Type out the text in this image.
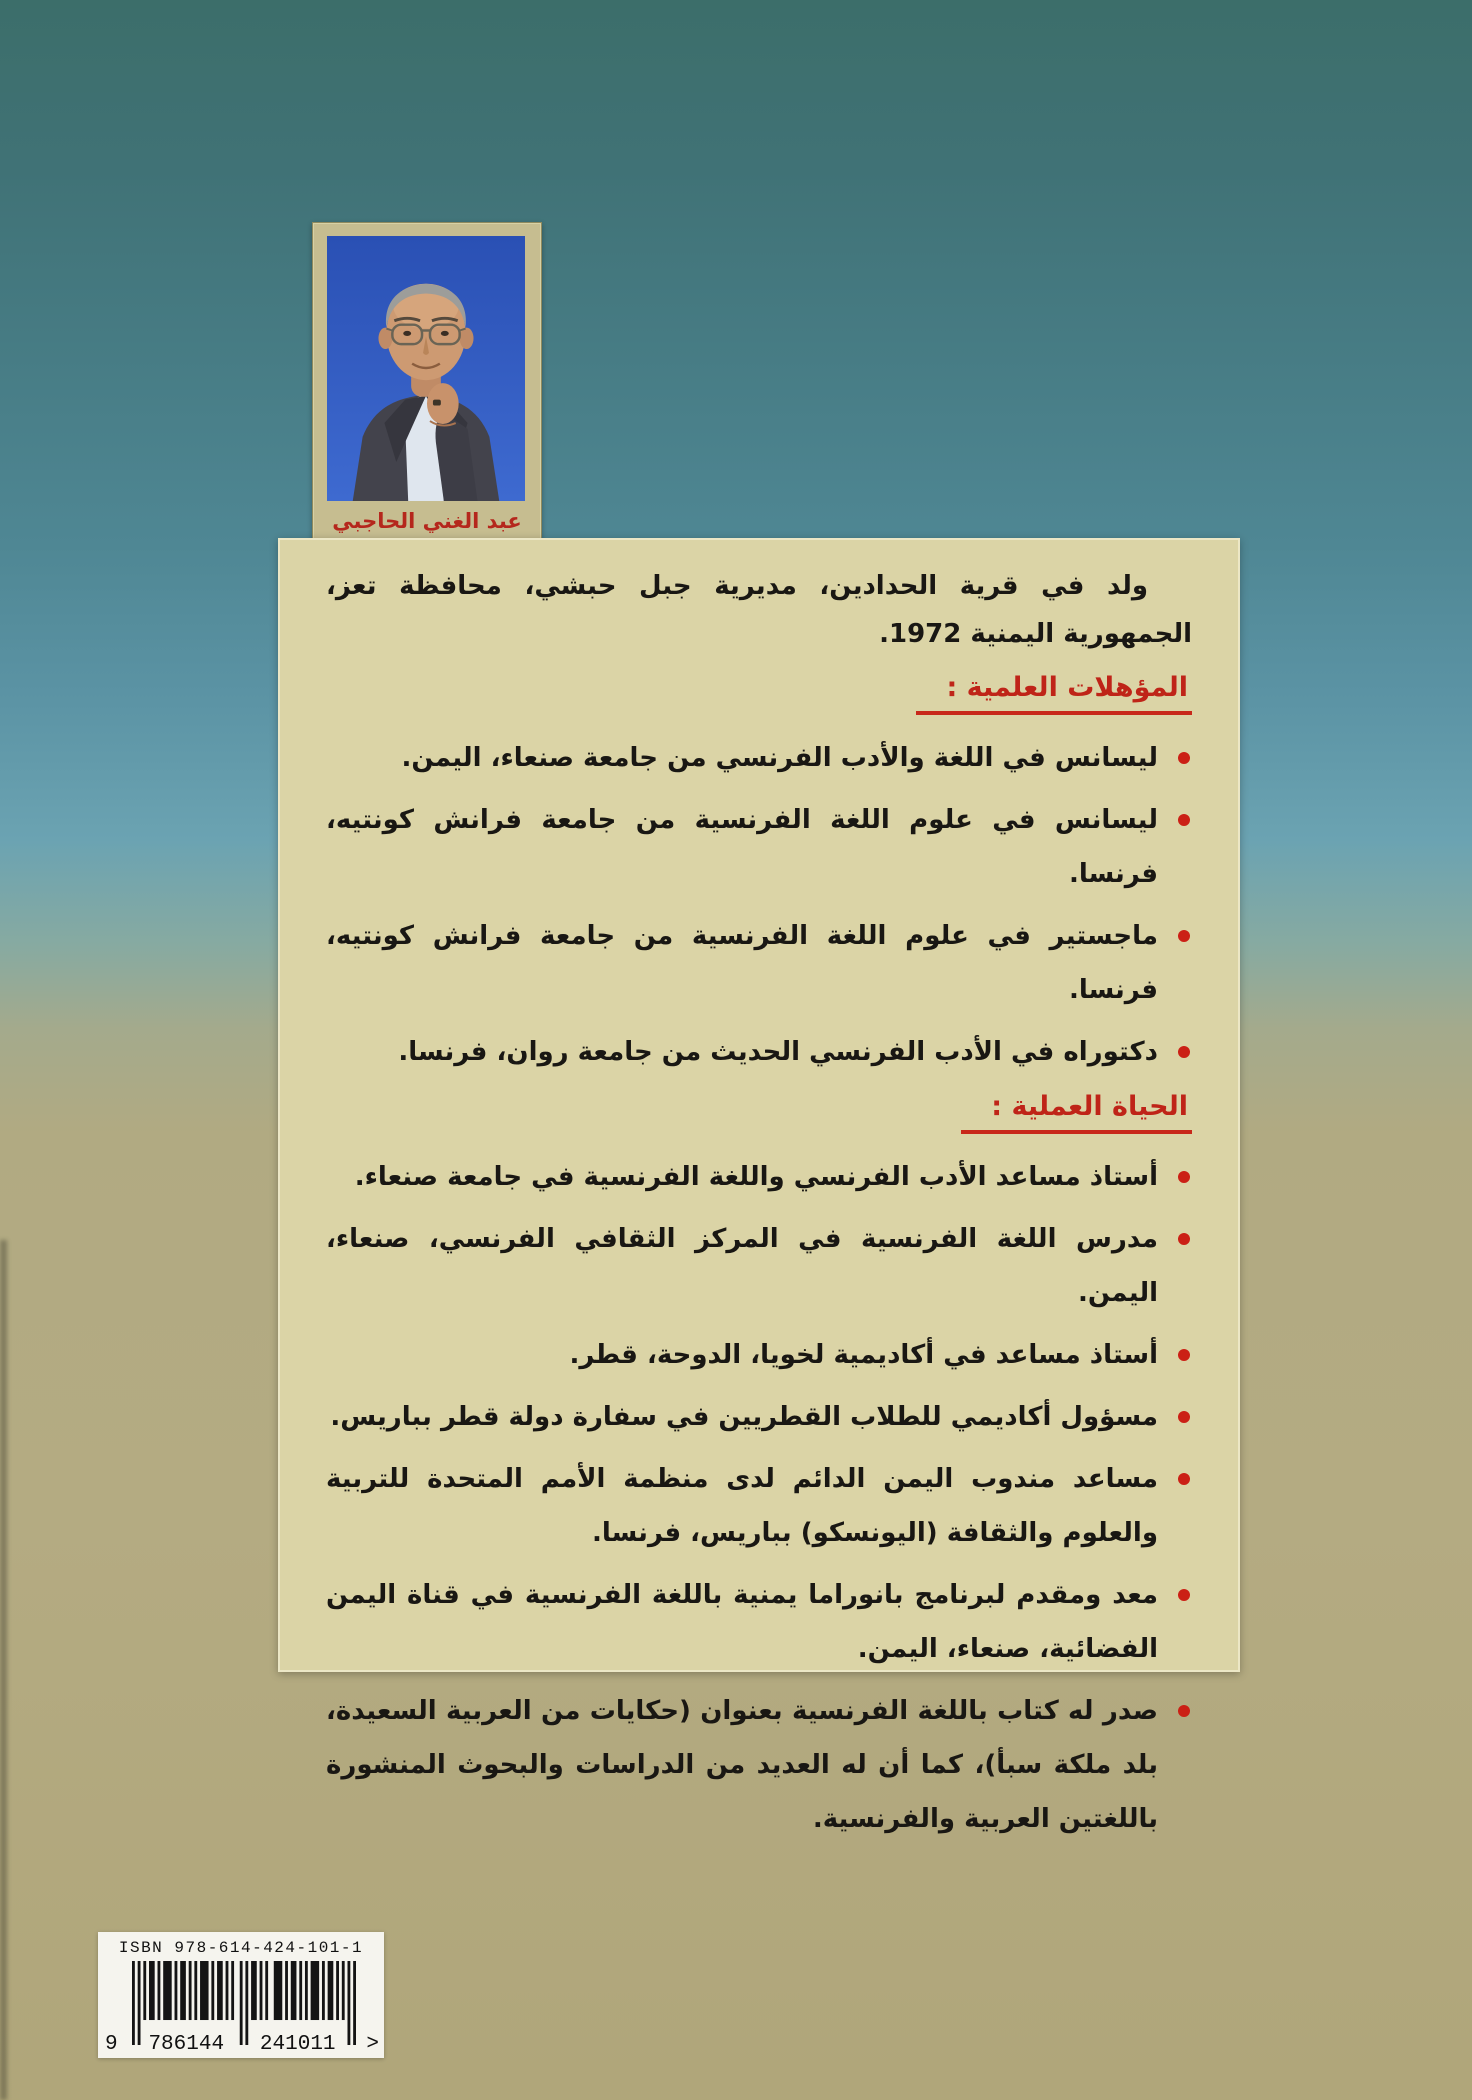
عبد الغني الحاجبي

ولد في قرية الحدادين، مديرية جبل حبشي، محافظة تعز، الجمهورية اليمنية 1972.

المؤهلات العلمية :
ليسانس في اللغة والأدب الفرنسي من جامعة صنعاء، اليمن.
ليسانس في علوم اللغة الفرنسية من جامعة فرانش كونتيه، فرنسا.
ماجستير في علوم اللغة الفرنسية من جامعة فرانش كونتيه، فرنسا.
دكتوراه في الأدب الفرنسي الحديث من جامعة روان، فرنسا.
الحياة العملية :
أستاذ مساعد الأدب الفرنسي واللغة الفرنسية في جامعة صنعاء.
مدرس اللغة الفرنسية في المركز الثقافي الفرنسي، صنعاء، اليمن.
أستاذ مساعد في أكاديمية لخويا، الدوحة، قطر.
مسؤول أكاديمي للطلاب القطريين في سفارة دولة قطر بباريس.
مساعد مندوب اليمن الدائم لدى منظمة الأمم المتحدة للتربية والعلوم والثقافة (اليونسكو) بباريس، فرنسا.
معد ومقدم لبرنامج بانوراما يمنية باللغة الفرنسية في قناة اليمن الفضائية، صنعاء، اليمن.
صدر له كتاب باللغة الفرنسية بعنوان (حكايات من العربية السعيدة، بلد ملكة سبأ)، كما أن له العديد من الدراسات والبحوث المنشورة باللغتين العربية والفرنسية.
ISBN 978-614-424-101-1
9 786144 241011 >
